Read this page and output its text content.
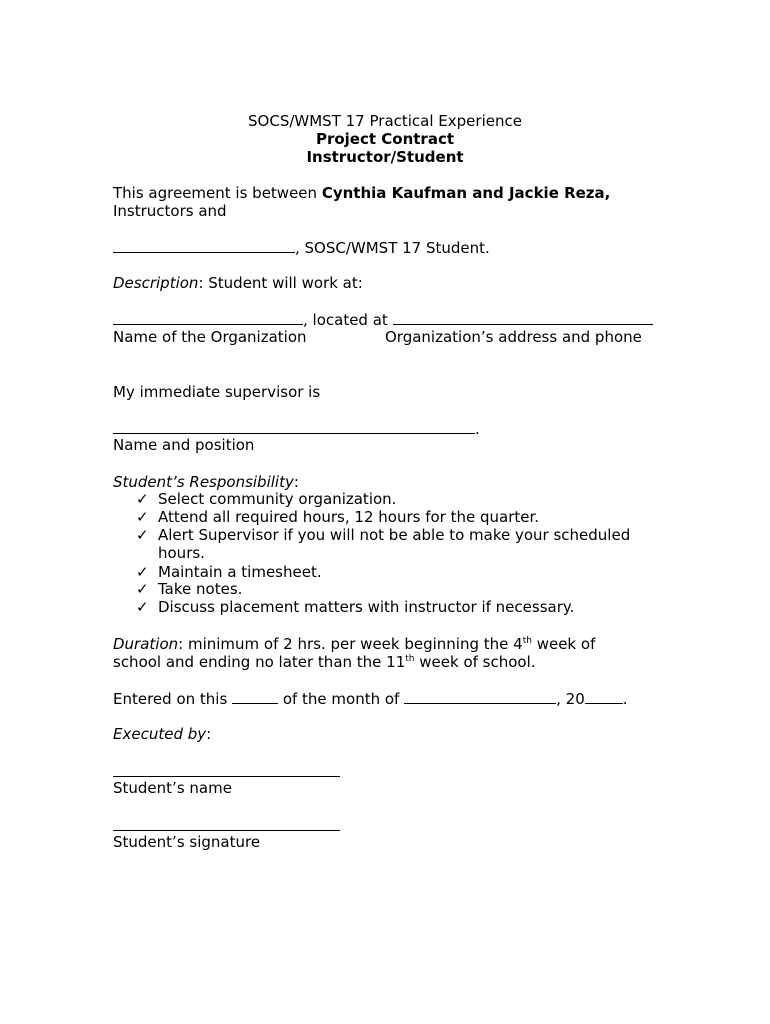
SOCS/WMST 17 Practical Experience
Project Contract
Instructor/Student
This agreement is between Cynthia Kaufman and Jackie Reza,
Instructors and
, SOSC/WMST 17 Student.
Description: Student will work at:
, located at
Name of the Organization	Organization’s address and phone
My immediate supervisor is
.
Name and position
Student’s Responsibility:
✓ Select community organization.
✓ Attend all required hours, 12 hours for the quarter.
✓ Alert Supervisor if you will not be able to make your scheduled
hours.
✓ Maintain a timesheet.
✓ Take notes.
✓ Discuss placement matters with instructor if necessary.
Duration: minimum of 2 hrs. per week beginning the 4th week of
school and ending no later than the 11th week of school.
Entered on this	of the month of	, 20	.
Executed by:
Student’s name
Student’s signature
